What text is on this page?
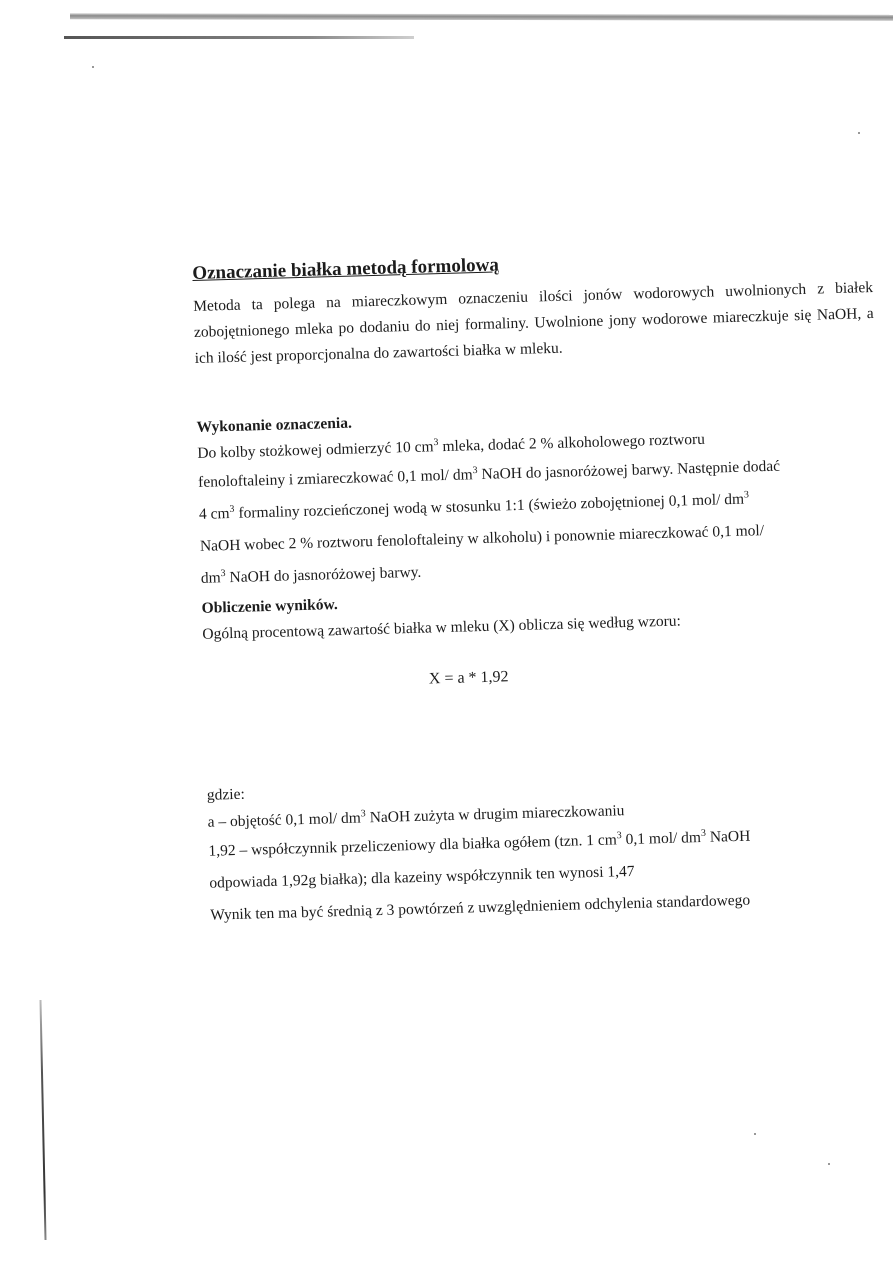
Oznaczanie białka metodą formolową

Metoda ta polega na miareczkowym oznaczeniu ilości jonów wodorowych uwolnionych z białek zobojętnionego mleka po dodaniu do niej formaliny. Uwolnione jony wodorowe miareczkuje się NaOH, a ich ilość jest proporcjonalna do zawartości białka w mleku.

Wykonanie oznaczenia.

Do kolby stożkowej odmierzyć 10 $cm^3$ mleka, dodać 2 % alkoholowego roztworu

fenoloftaleiny i zmiareczkować 0,1 mol/ $dm^3$ NaOH do jasnoróżowej barwy. Następnie dodać

4 $cm^3$ formaliny rozcieńczonej wodą w stosunku 1:1 (świeżo zobojętnionej 0,1 mol/ $dm^3$

NaOH wobec 2 % roztworu fenoloftaleiny w alkoholu) i ponownie miareczkować 0,1 mol/

$dm^3$ NaOH do jasnoróżowej barwy.

Obliczenie wyników.

Ogólną procentową zawartość białka w mleku (X) oblicza się według wzoru:

X = a * 1,92

gdzie:

a – objętość 0,1 mol/ $dm^3$ NaOH zużyta w drugim miareczkowaniu

1,92 – współczynnik przeliczeniowy dla białka ogółem (tzn. 1 $cm^3$ 0,1 mol/ $dm^3$ NaOH

odpowiada 1,92g białka); dla kazeiny współczynnik ten wynosi 1,47

Wynik ten ma być średnią z 3 powtórzeń z uwzględnieniem odchylenia standardowego
